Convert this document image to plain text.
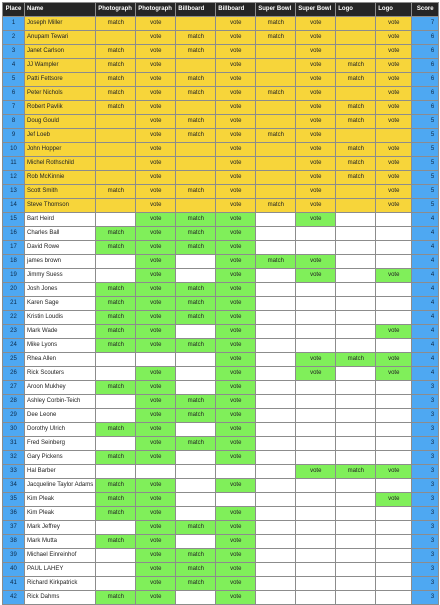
Place	Name	Photograph	Photograph	Billboard	Billboard	Super Bowl	Super Bowl	Logo	Logo	Score
1	Joseph Miller	match	vote		vote	match	vote		vote	7
2	Anupam Tewari		vote	match	vote	match	vote		vote	6
3	Janet Carlson	match	vote	match	vote		vote		vote	6
4	JJ Wampler	match	vote		vote		vote	match	vote	6
5	Patti Fettsore	match	vote	match	vote		vote	match	vote	6
6	Peter Nichols	match	vote	match	vote	match	vote		vote	6
7	Robert Pavlik	match	vote		vote		vote	match	vote	6
8	Doug Gould		vote	match	vote		vote	match	vote	5
9	Jef Loeb		vote	match	vote	match	vote			5
10	John Hopper		vote		vote		vote	match	vote	5
11	Michel Rothschild		vote		vote		vote	match	vote	5
12	Rob McKinnie		vote		vote		vote	match	vote	5
13	Scott Smith	match	vote	match	vote		vote		vote	5
14	Steve Thomson		vote		vote	match	vote		vote	5
15	Bart Heird		vote	match	vote		vote			4
16	Charles Ball	match	vote	match	vote					4
17	David Rowe	match	vote	match	vote					4
18	james brown		vote		vote	match	vote			4
19	Jimmy Suess		vote		vote		vote		vote	4
20	Josh Jones	match	vote	match	vote					4
21	Karen Sage	match	vote	match	vote					4
22	Kristin Loudis	match	vote	match	vote					4
23	Mark Wade	match	vote		vote				vote	4
24	Mike Lyons	match	vote	match	vote					4
25	Rhea Allen				vote		vote	match	vote	4
26	Rick Scouters		vote		vote		vote		vote	4
27	Aroon Mukhey	match	vote		vote					3
28	Ashley Corbin-Teich		vote	match	vote					3
29	Dee Leone		vote	match	vote					3
30	Dorothy Ulrich	match	vote		vote					3
31	Fred Seinberg		vote	match	vote					3
32	Gary Pickens	match	vote		vote					3
33	Hal Barber						vote	match	vote	3
34	Jacqueline Taylor Adams	match	vote		vote					3
35	Kim Pleak	match	vote						vote	3
36	Kim Pleak	match	vote		vote					3
37	Mark Jeffrey		vote	match	vote					3
38	Mark Mutta	match	vote		vote					3
39	Michael Einreinhof		vote	match	vote					3
40	PAUL LAHEY		vote	match	vote					3
41	Richard Kirkpatrick		vote	match	vote					3
42	Rick Dahms	match	vote		vote					3
